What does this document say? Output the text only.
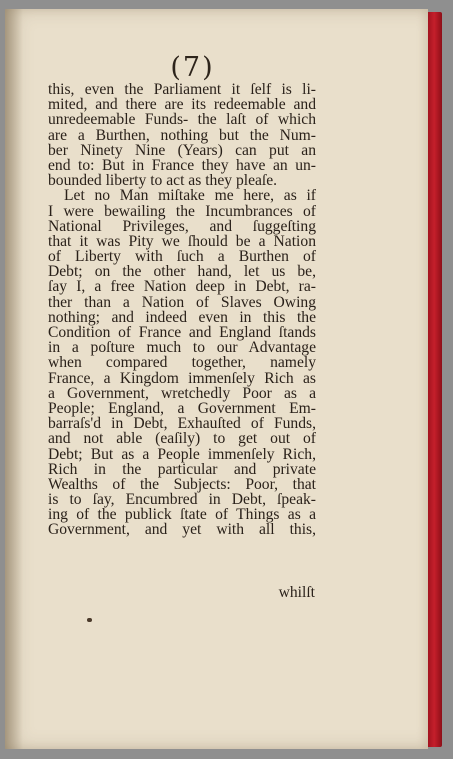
(7)
this, even the Parliament it ſelf is li-
mited, and there are its redeemable and
unredeemable Funds- the laſt of which
are a Burthen, nothing but the Num-
ber Ninety Nine (Years) can put an
end to: But in France they have an un-
bounded liberty to act as they pleaſe.
Let no Man miſtake me here, as if
I were bewailing the Incumbrances of
National Privileges, and ſuggeſting
that it was Pity we ſhould be a Nation
of Liberty with ſuch a Burthen of
Debt; on the other hand, let us be,
ſay I, a free Nation deep in Debt, ra-
ther than a Nation of Slaves Owing
nothing; and indeed even in this the
Condition of France and England ſtands
in a poſture much to our Advantage
when compared together, namely
France, a Kingdom immenſely Rich as
a Government, wretchedly Poor as a
People; England, a Government Em-
barraſs'd in Debt, Exhauſted of Funds,
and not able (eaſily) to get out of
Debt; But as a People immenſely Rich,
Rich in the particular and private
Wealths of the Subjects: Poor, that
is to ſay, Encumbred in Debt, ſpeak-
ing of the publick ſtate of Things as a
Government, and yet with all this,
whilſt
